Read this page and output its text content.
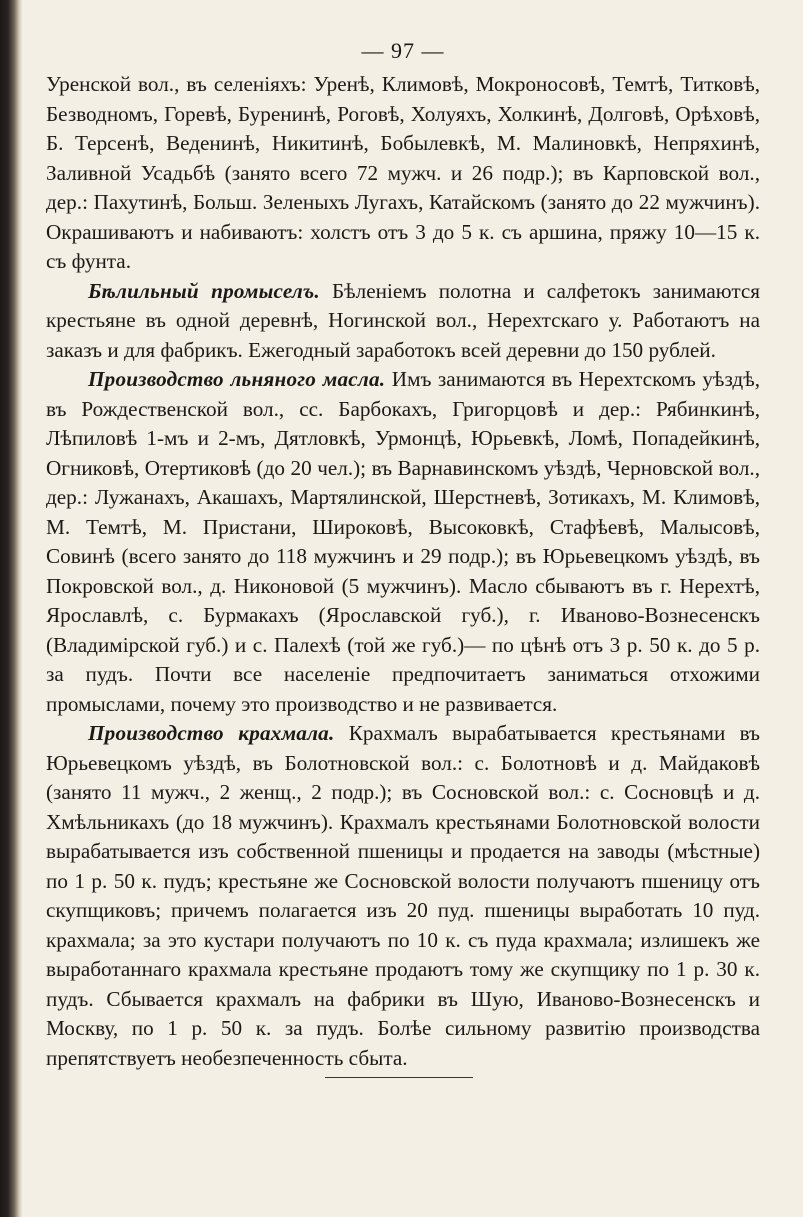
— 97 —

Уренской вол., въ селеніяхъ: Уренѣ, Климовѣ, Мокроносовѣ, Темтѣ, Титковѣ, Безводномъ, Горевѣ, Буренинѣ, Роговѣ, Холуяхъ, Холкинѣ, Долговѣ, Орѣховѣ, Б. Терсенѣ, Веденинѣ, Никитинѣ, Бобылевкѣ, М. Малиновкѣ, Непряхинѣ, Заливной Усадьбѣ (занято всего 72 мужч. и 26 подр.); въ Карповской вол., дер.: Пахутинѣ, Больш. Зеленыхъ Лугахъ, Катайскомъ (занято до 22 мужчинъ). Окрашиваютъ и набиваютъ: холстъ отъ 3 до 5 к. съ аршина, пряжу 10—15 к. съ фунта.

Бѣлильный промыселъ. Бѣленіемъ полотна и салфетокъ занимаются крестьяне въ одной деревнѣ, Ногинской вол., Нерехтскаго у. Работаютъ на заказъ и для фабрикъ. Ежегодный заработокъ всей деревни до 150 рублей.

Производство льняного масла. Имъ занимаются въ Нерехтскомъ уѣздѣ, въ Рождественской вол., сс. Барбокахъ, Григорцовѣ и дер.: Рябинкинѣ, Лѣпиловѣ 1-мъ и 2-мъ, Дятловкѣ, Урмонцѣ, Юрьевкѣ, Ломѣ, Попадейкинѣ, Огниковѣ, Отертиковѣ (до 20 чел.); въ Варнавинскомъ уѣздѣ, Черновской вол., дер.: Лужанахъ, Акашахъ, Мартялинской, Шерстневѣ, Зотикахъ, М. Климовѣ, М. Темтѣ, М. Пристани, Широковѣ, Высоковкѣ, Стафѣевѣ, Малысовѣ, Совинѣ (всего занято до 118 мужчинъ и 29 подр.); въ Юрьевецкомъ уѣздѣ, въ Покровской вол., д. Никоновой (5 мужчинъ). Масло сбываютъ въ г. Нерехтѣ, Ярославлѣ, с. Бурмакахъ (Ярославской губ.), г. Иваново-Вознесенскъ (Владимірской губ.) и с. Палехѣ (той же губ.)— по цѣнѣ отъ 3 р. 50 к. до 5 р. за пудъ. Почти все населеніе предпочитаетъ заниматься отхожими промыслами, почему это производство и не развивается.

Производство крахмала. Крахмалъ вырабатывается крестьянами въ Юрьевецкомъ уѣздѣ, въ Болотновской вол.: с. Болотновѣ и д. Майдаковѣ (занято 11 мужч., 2 женщ., 2 подр.); въ Сосновской вол.: с. Сосновцѣ и д. Хмѣльникахъ (до 18 мужчинъ). Крахмалъ крестьянами Болотновской волости вырабатывается изъ собственной пшеницы и продается на заводы (мѣстные) по 1 р. 50 к. пудъ; крестьяне же Сосновской волости получаютъ пшеницу отъ скупщиковъ; причемъ полагается изъ 20 пуд. пшеницы выработать 10 пуд. крахмала; за это кустари получаютъ по 10 к. съ пуда крахмала; излишекъ же выработаннаго крахмала крестьяне продаютъ тому же скупщику по 1 р. 30 к. пудъ. Сбывается крахмалъ на фабрики въ Шую, Иваново-Вознесенскъ и Москву, по 1 р. 50 к. за пудъ. Болѣе сильному развитію производства препятствуетъ необезпеченность сбыта.
